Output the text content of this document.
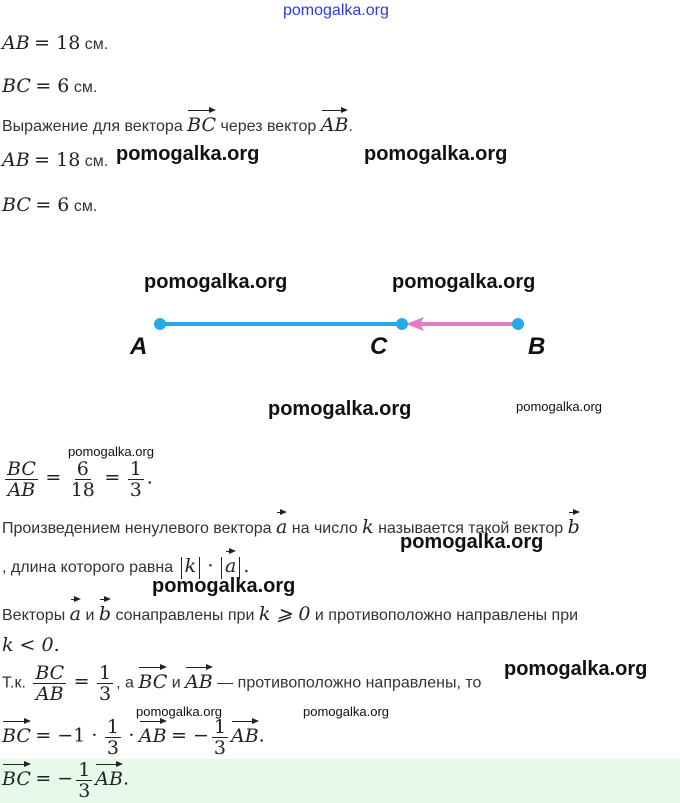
pomogalka.org
AB = 18 см.
BC = 6 см.
Выражение для вектора BC через вектор AB.
AB = 18 см.
BC = 6 см.
pomogalka.org	pomogalka.org
pomogalka.org	pomogalka.org
A	C	B
pomogalka.org	pomogalka.org
pomogalka.org
$\frac{BC}{AB} = \frac{6}{18} = \frac{1}{3}$ .
Произведением ненулевого вектора a на число k называется такой вектор b
, длина которого равна k · a .
pomogalka.org
pomogalka.org
Векторы a и b сонаправлены при k ⩾ 0 и противоположно направлены при
k < 0.
pomogalka.org
Т.к. $\frac{BC}{AB} = \frac{1}{3}$ , а BC и AB — противоположно направлены, то
pomogalka.org	pomogalka.org
BC = $-1 \cdot \frac{1}{3}$ · AB = − $\frac{1}{3}$ AB.
BC = − $\frac{1}{3}$ AB.
